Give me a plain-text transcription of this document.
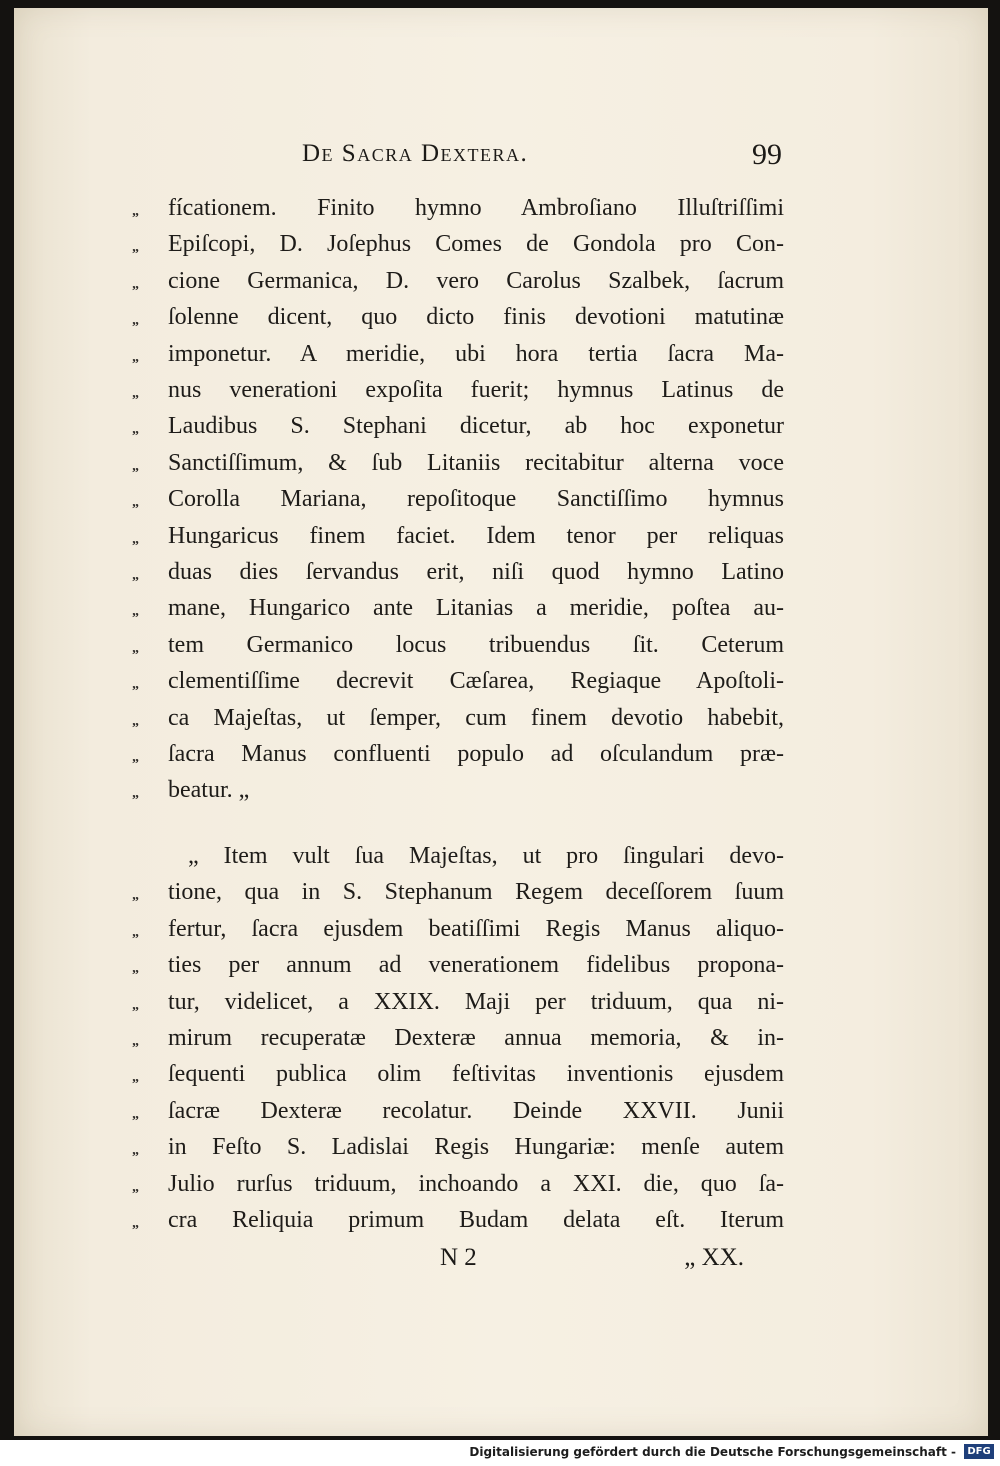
De Sacra Dextera.	99
„	fícationem. Finito hymno Ambroſiano Illuſtriſſimi
„	Epiſcopi, D. Joſephus Comes de Gondola pro Con-
„	cione Germanica, D. vero Carolus Szalbek, ſacrum
„	ſolenne dicent, quo dicto finis devotioni matutinæ
„	imponetur. A meridie, ubi hora tertia ſacra Ma-
„	nus venerationi expoſita fuerit; hymnus Latinus de
„	Laudibus S. Stephani dicetur, ab hoc exponetur
„	Sanctiſſimum, & ſub Litaniis recitabitur alterna voce
„	Corolla Mariana, repoſitoque Sanctiſſimo hymnus
„	Hungaricus finem faciet. Idem tenor per reliquas
„	duas dies ſervandus erit, niſi quod hymno Latino
„	mane, Hungarico ante Litanias a meridie, poſtea au-
„	tem Germanico locus tribuendus ſit. Ceterum
„	clementiſſime decrevit Cæſarea, Regiaque Apoſtoli-
„	ca Majeſtas, ut ſemper, cum finem devotio habebit,
„	ſacra Manus confluenti populo ad oſculandum præ-
„	beatur. „
„ Item vult ſua Majeſtas, ut pro ſingulari devo-
„	tione, qua in S. Stephanum Regem deceſſorem ſuum
„	fertur, ſacra ejusdem beatiſſimi Regis Manus aliquo-
„	ties per annum ad venerationem fidelibus propona-
„	tur, videlicet, a XXIX. Maji per triduum, qua ni-
„	mirum recuperatæ Dexteræ annua memoria, & in-
„	ſequenti publica olim feſtivitas inventionis ejusdem
„	ſacræ Dexteræ recolatur. Deinde XXVII. Junii
„	in Feſto S. Ladislai Regis Hungariæ: menſe autem
„	Julio rurſus triduum, inchoando a XXI. die, quo ſa-
„	cra Reliquia primum Budam delata eſt. Iterum
N 2	„ XX.
Digitalisierung gefördert durch die Deutsche Forschungsgemeinschaft -	DFG
